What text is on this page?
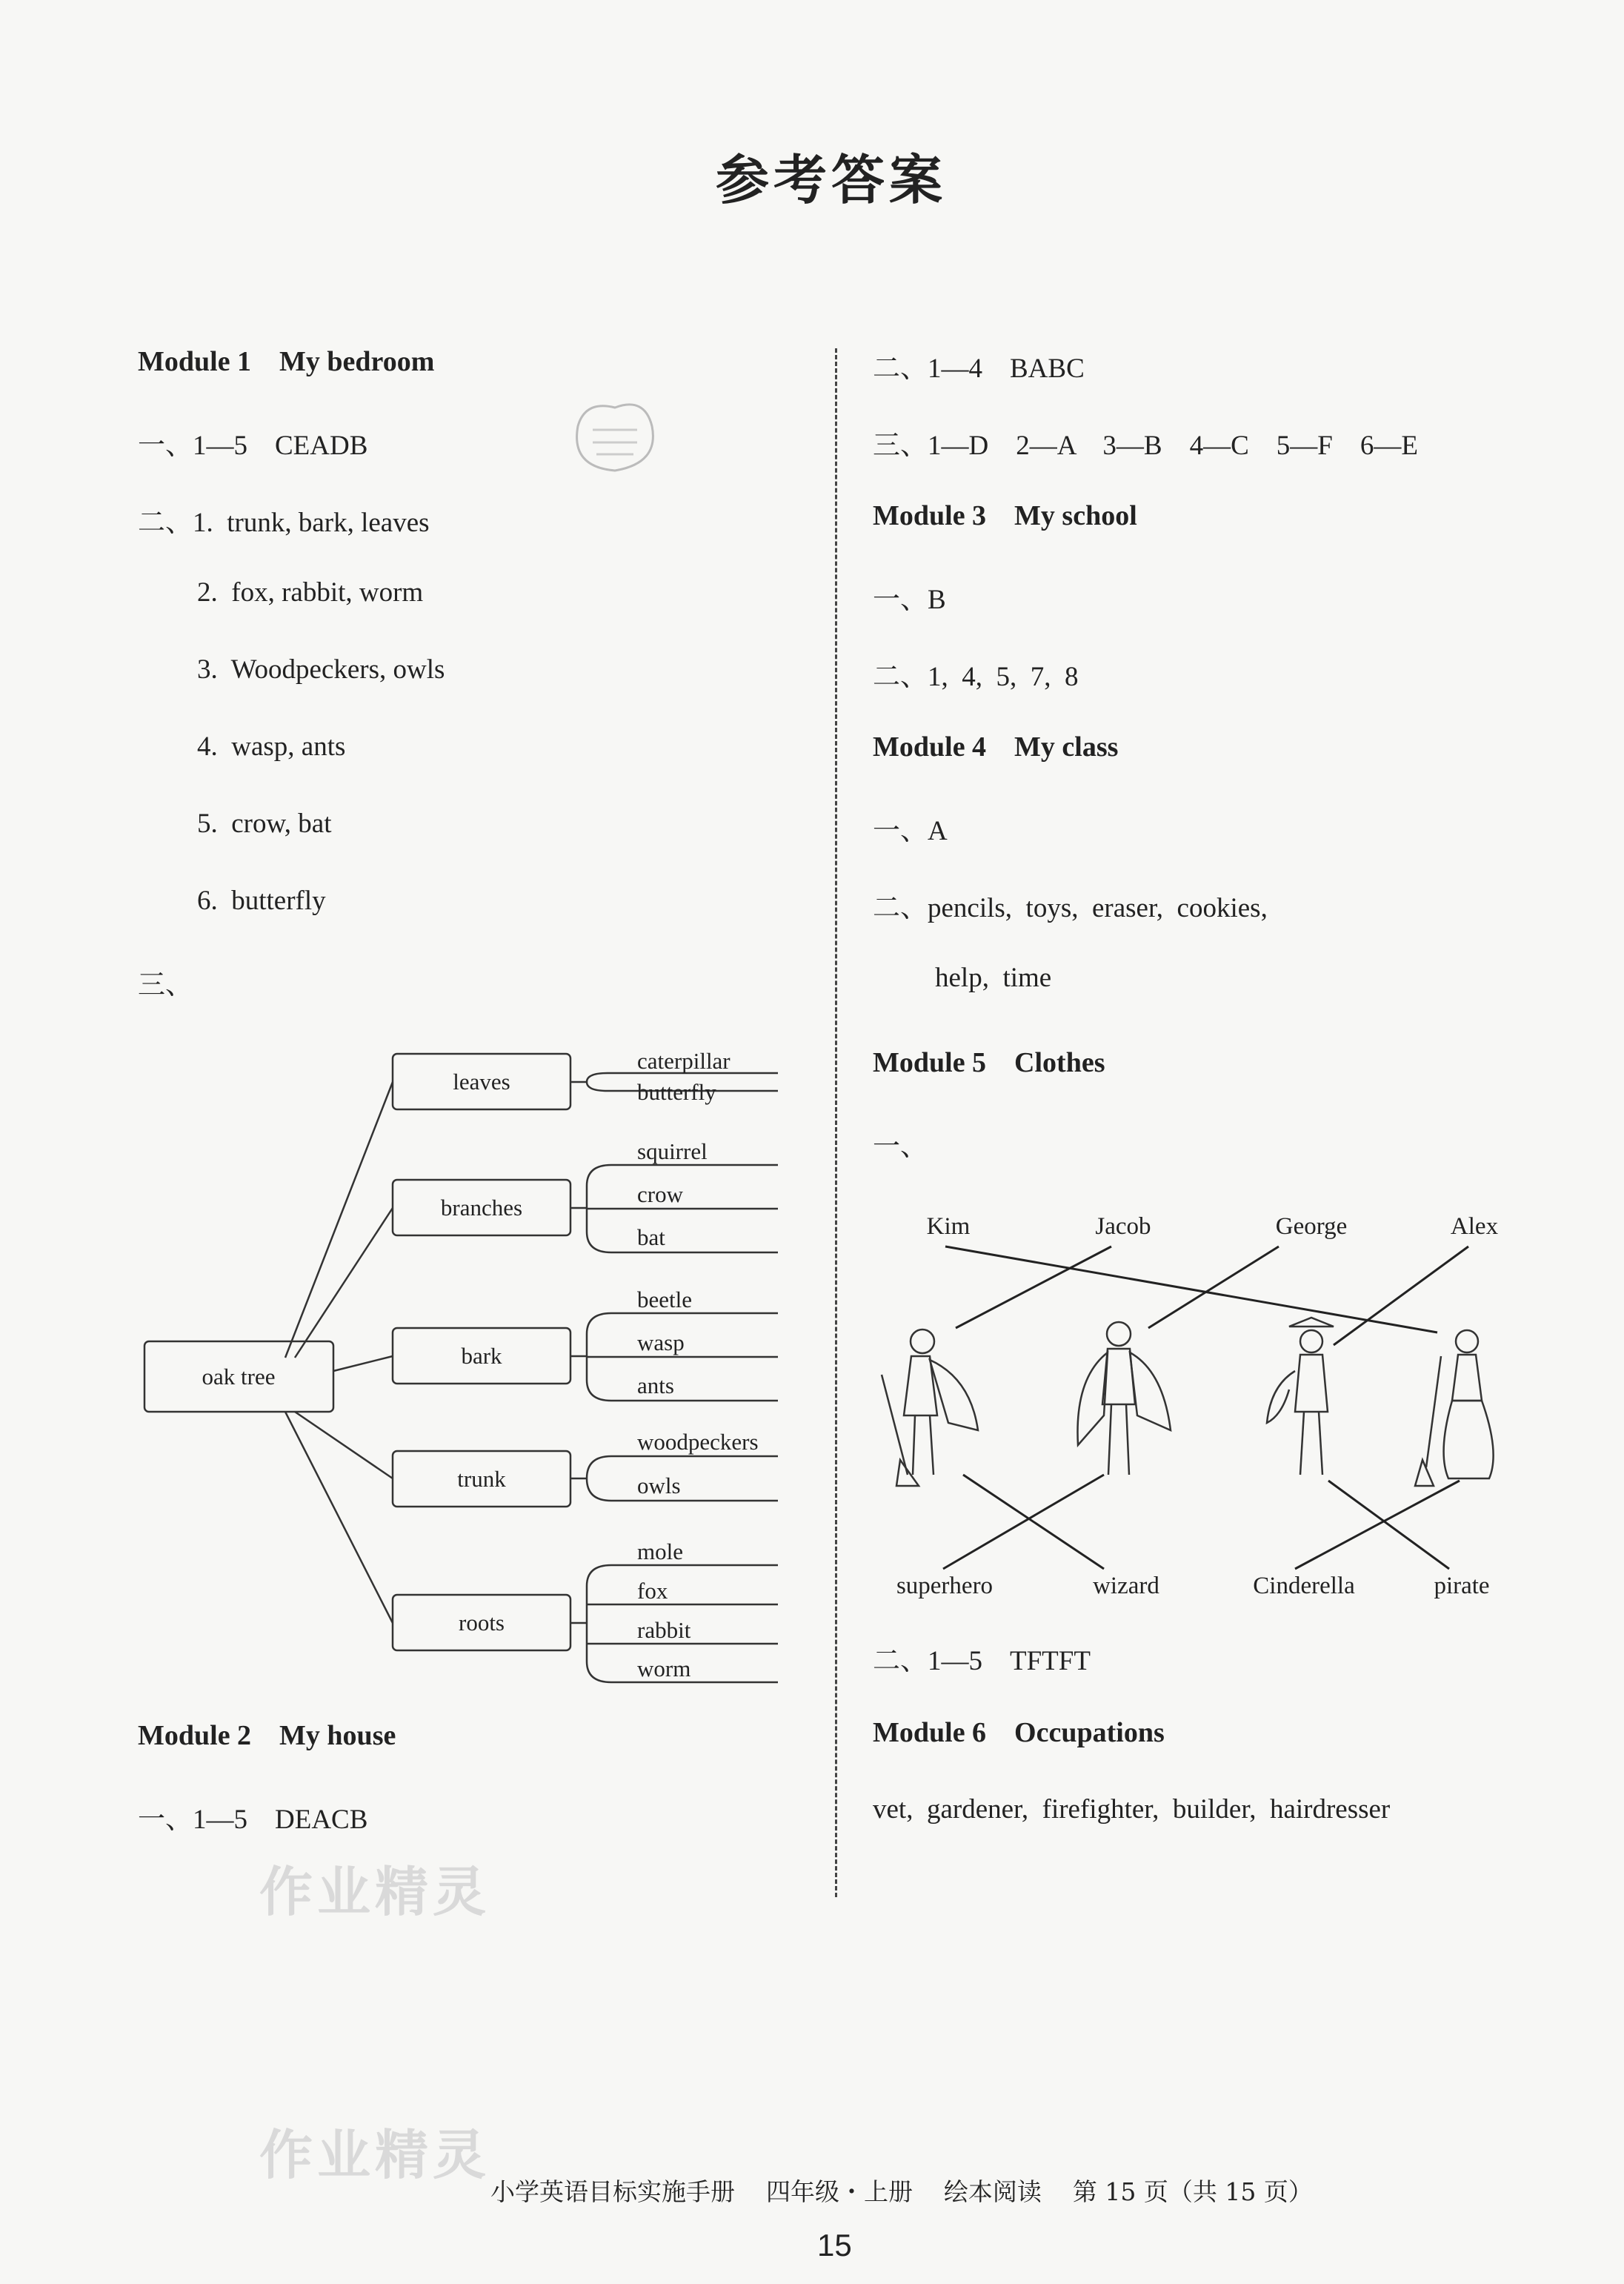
参考答案
Module 1    My bedroom
一、1—5    CEADB
二、1.  trunk, bark, leaves
2.  fox, rabbit, worm
3.  Woodpeckers, owls
4.  wasp, ants
5.  crow, bat
6.  butterfly
三、
oak tree
leaves
branches
bark
trunk
roots
caterpillar
butterfly
squirrel
crow
bat
beetle
wasp
ants
woodpeckers
owls
mole
fox
rabbit
worm
Module 2    My house
一、1—5    DEACB
二、1—4    BABC
三、1—D    2—A    3—B    4—C    5—F    6—E
Module 3    My school
一、B
二、1,  4,  5,  7,  8
Module 4    My class
一、A
二、pencils,  toys,  eraser,  cookies,
help,  time
Module 5    Clothes
一、
Kim	Jacob	George	Alex
superhero	wizard	Cinderella	pirate
二、1—5    TFTFT
Module 6    Occupations
vet,  gardener,  firefighter,  builder,  hairdresser
作业精灵
作业精灵
小学英语目标实施手册    四年级・上册    绘本阅读    第 15 页（共 15 页）
15
